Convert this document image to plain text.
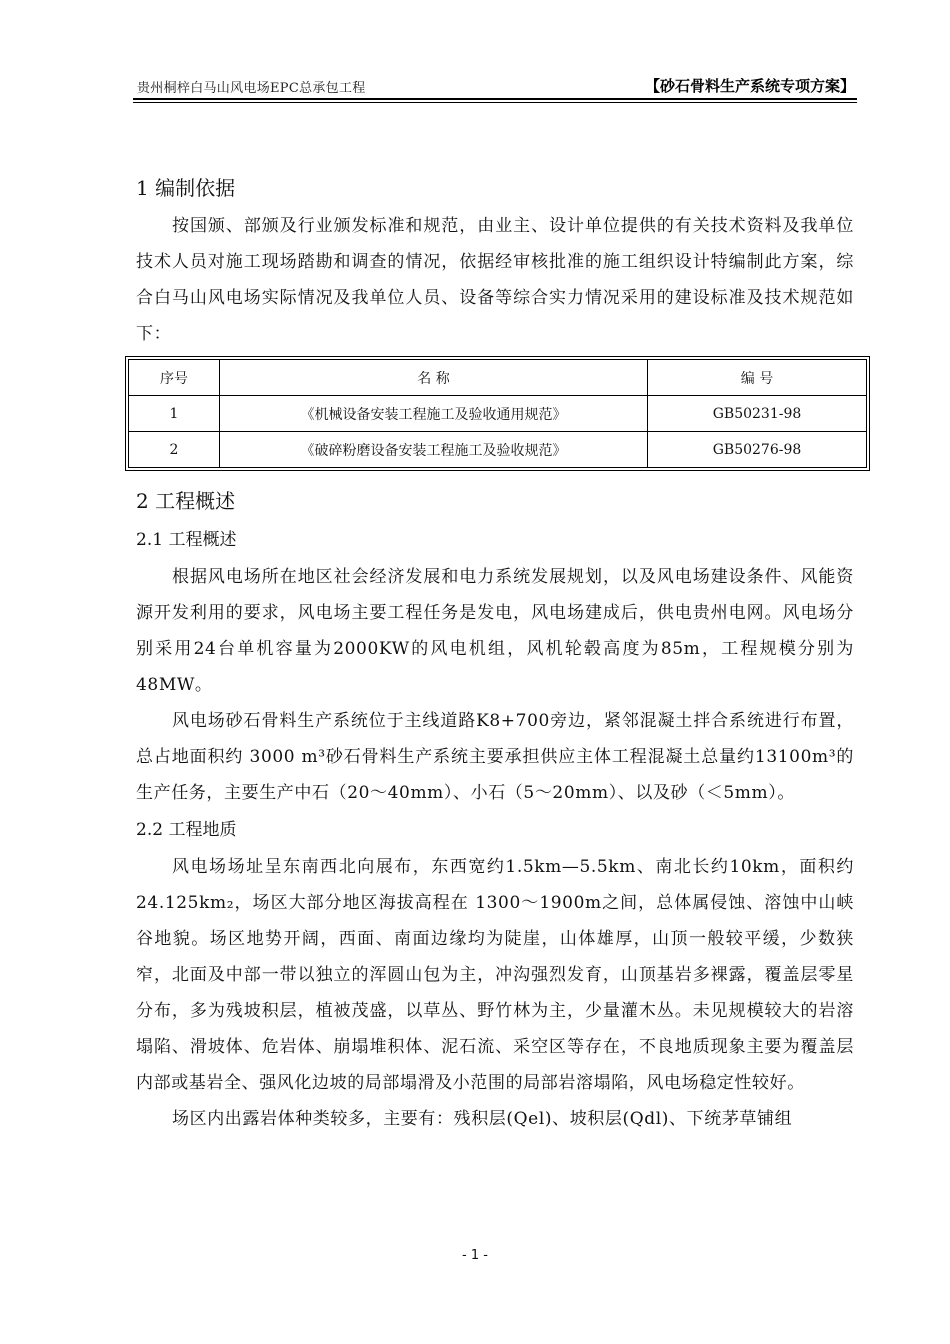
贵州桐梓白马山风电场EPC总承包工程	【砂石骨料生产系统专项方案】
1 编制依据

按国颁、部颁及行业颁发标准和规范，由业主、设计单位提供的有关技术资料及我单位技术人员对施工现场踏勘和调查的情况，依据经审核批准的施工组织设计特编制此方案，综合白马山风电场实际情况及我单位人员、设备等综合实力情况采用的建设标准及技术规范如下：

序号	名 称	编 号
1	《机械设备安装工程施工及验收通用规范》	GB50231-98
2	《破碎粉磨设备安装工程施工及验收规范》	GB50276-98
2 工程概述
2.1 工程概述

根据风电场所在地区社会经济发展和电力系统发展规划，以及风电场建设条件、风能资源开发利用的要求，风电场主要工程任务是发电，风电场建成后，供电贵州电网。风电场分别采用24台单机容量为2000KW的风电机组，风机轮毂高度为85m，工程规模分别为48MW。

风电场砂石骨料生产系统位于主线道路K8+700旁边，紧邻混凝土拌合系统进行布置，总占地面积约 3000 m³砂石骨料生产系统主要承担供应主体工程混凝土总量约13100m³的生产任务，主要生产中石（20～40mm）、小石（5～20mm）、以及砂（＜5mm）。

2.2 工程地质

风电场场址呈东南西北向展布，东西宽约1.5km—5.5km、南北长约10km，面积约24.125km₂，场区大部分地区海拔高程在 1300～1900m之间，总体属侵蚀、溶蚀中山峡谷地貌。场区地势开阔，西面、南面边缘均为陡崖，山体雄厚，山顶一般较平缓，少数狭窄，北面及中部一带以独立的浑圆山包为主，冲沟强烈发育，山顶基岩多裸露，覆盖层零星分布，多为残坡积层，植被茂盛，以草丛、野竹林为主，少量灌木丛。未见规模较大的岩溶塌陷、滑坡体、危岩体、崩塌堆积体、泥石流、采空区等存在，不良地质现象主要为覆盖层内部或基岩全、强风化边坡的局部塌滑及小范围的局部岩溶塌陷，风电场稳定性较好。

场区内出露岩体种类较多，主要有：残积层(Qel)、坡积层(Qdl)、下统茅草铺组

- 1 -
